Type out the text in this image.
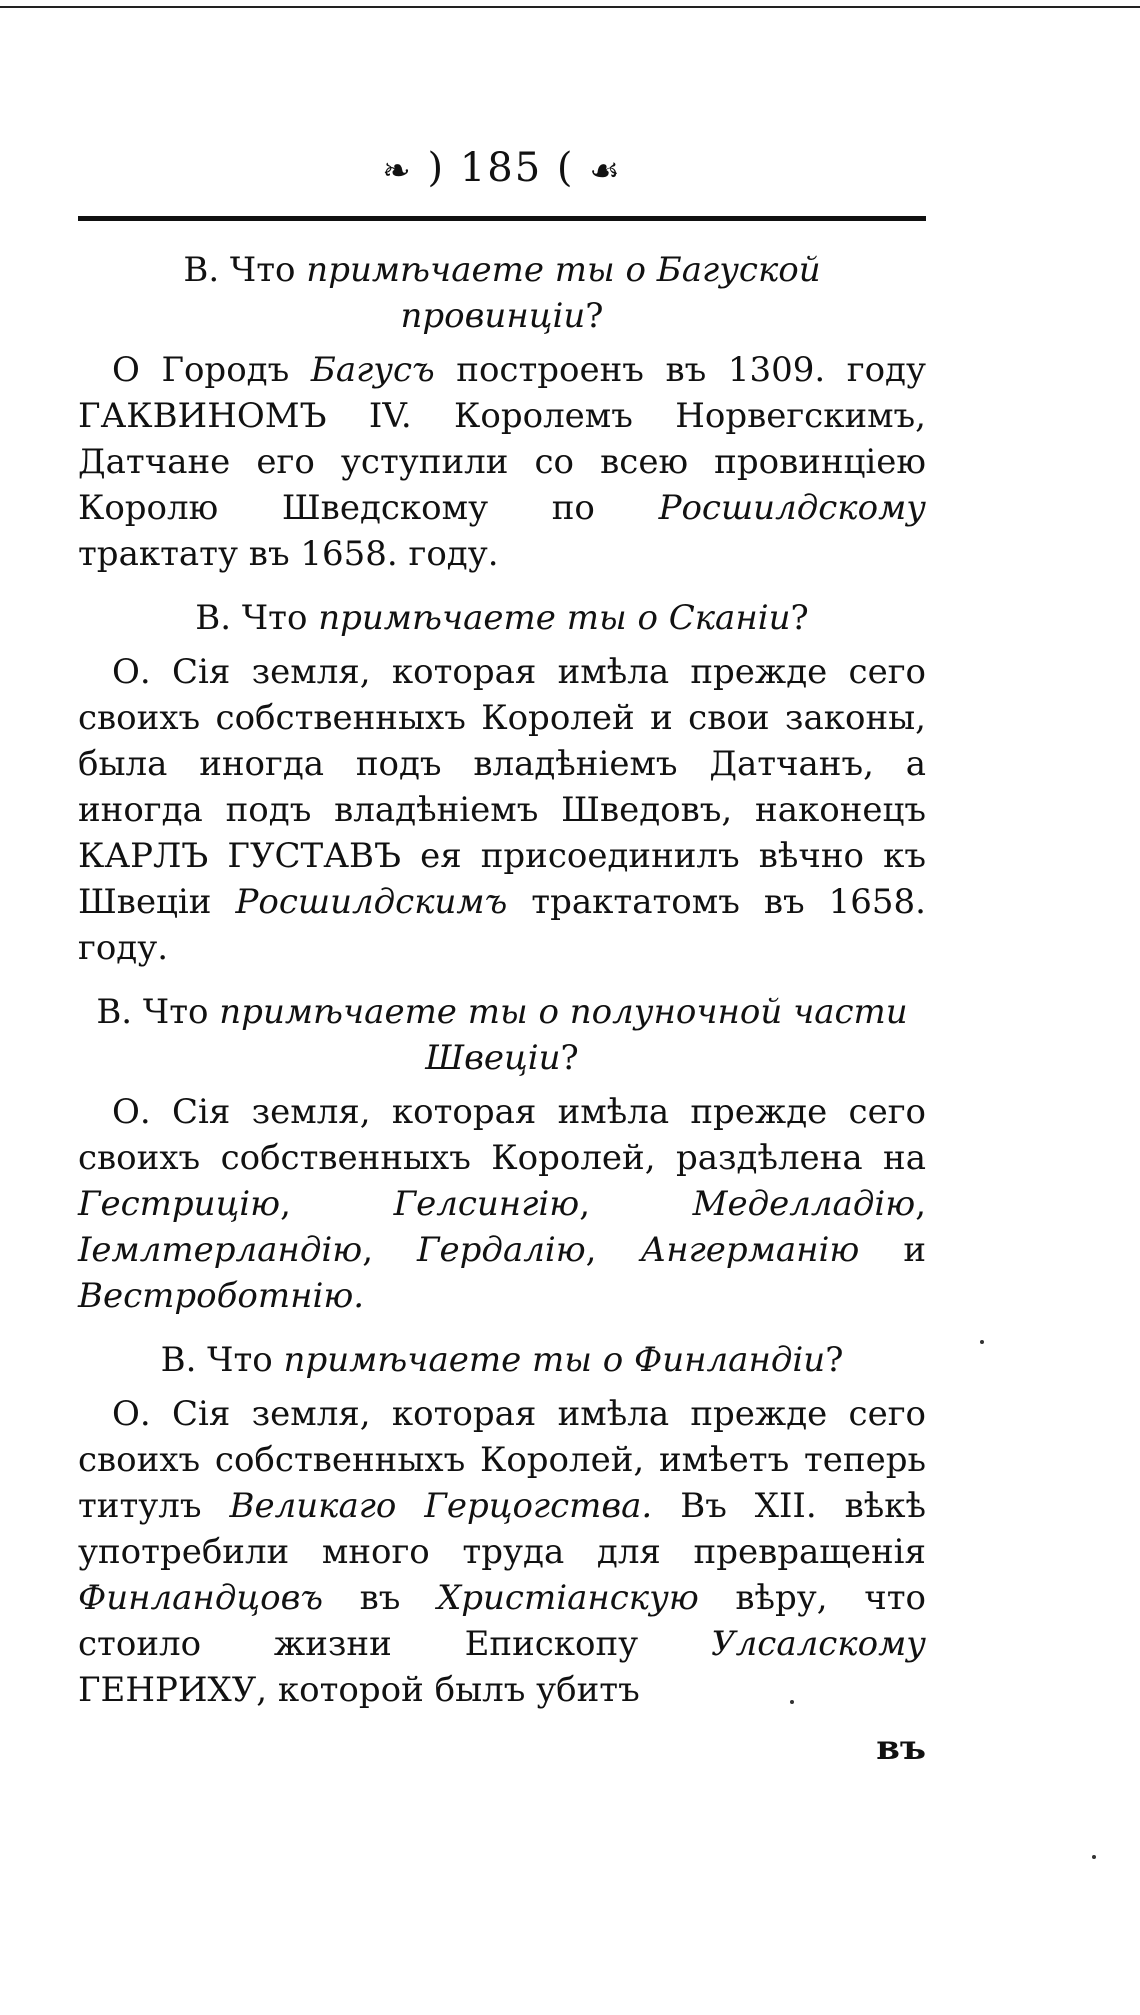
❧ ) 185 ( ☙
В. Что примѣчаете ты о Багуской провинціи?
О Городъ Багусъ построенъ въ 1309. году ГАКВИНОМЪ IV. Королемъ Норвегскимъ, Датчане его уступили со всею провинціею Королю Шведскому по Росшилдскому трактату въ 1658. году.
В. Что примѣчаете ты о Сканіи?
О. Сія земля, которая имѣла прежде сего своихъ собственныхъ Королей и свои законы, была иногда подъ владѣніемъ Датчанъ, а иногда подъ владѣніемъ Шведовъ, наконецъ КАРЛЪ ГУСТАВЪ ея присоединилъ вѣчно къ Швеціи Росшилдскимъ трактатомъ въ 1658. году.
В. Что примѣчаете ты о полуночной части Швеціи?
О. Сія земля, которая имѣла прежде сего своихъ собственныхъ Королей, раздѣлена на Гестрицію, Гелсингію, Меделладію, Іемлтерландію, Гердалію, Ангерманію и Вестроботнію.
В. Что примѣчаете ты о Финландіи?
О. Сія земля, которая имѣла прежде сего своихъ собственныхъ Королей, имѣетъ теперь титулъ Великаго Герцогства. Въ XII. вѣкѣ употребили много труда для превращенія Финландцовъ въ Христіанскую вѣру, что стоило жизни Епископу Улсалскому ГЕНРИХУ, которой былъ убитъ
въ
